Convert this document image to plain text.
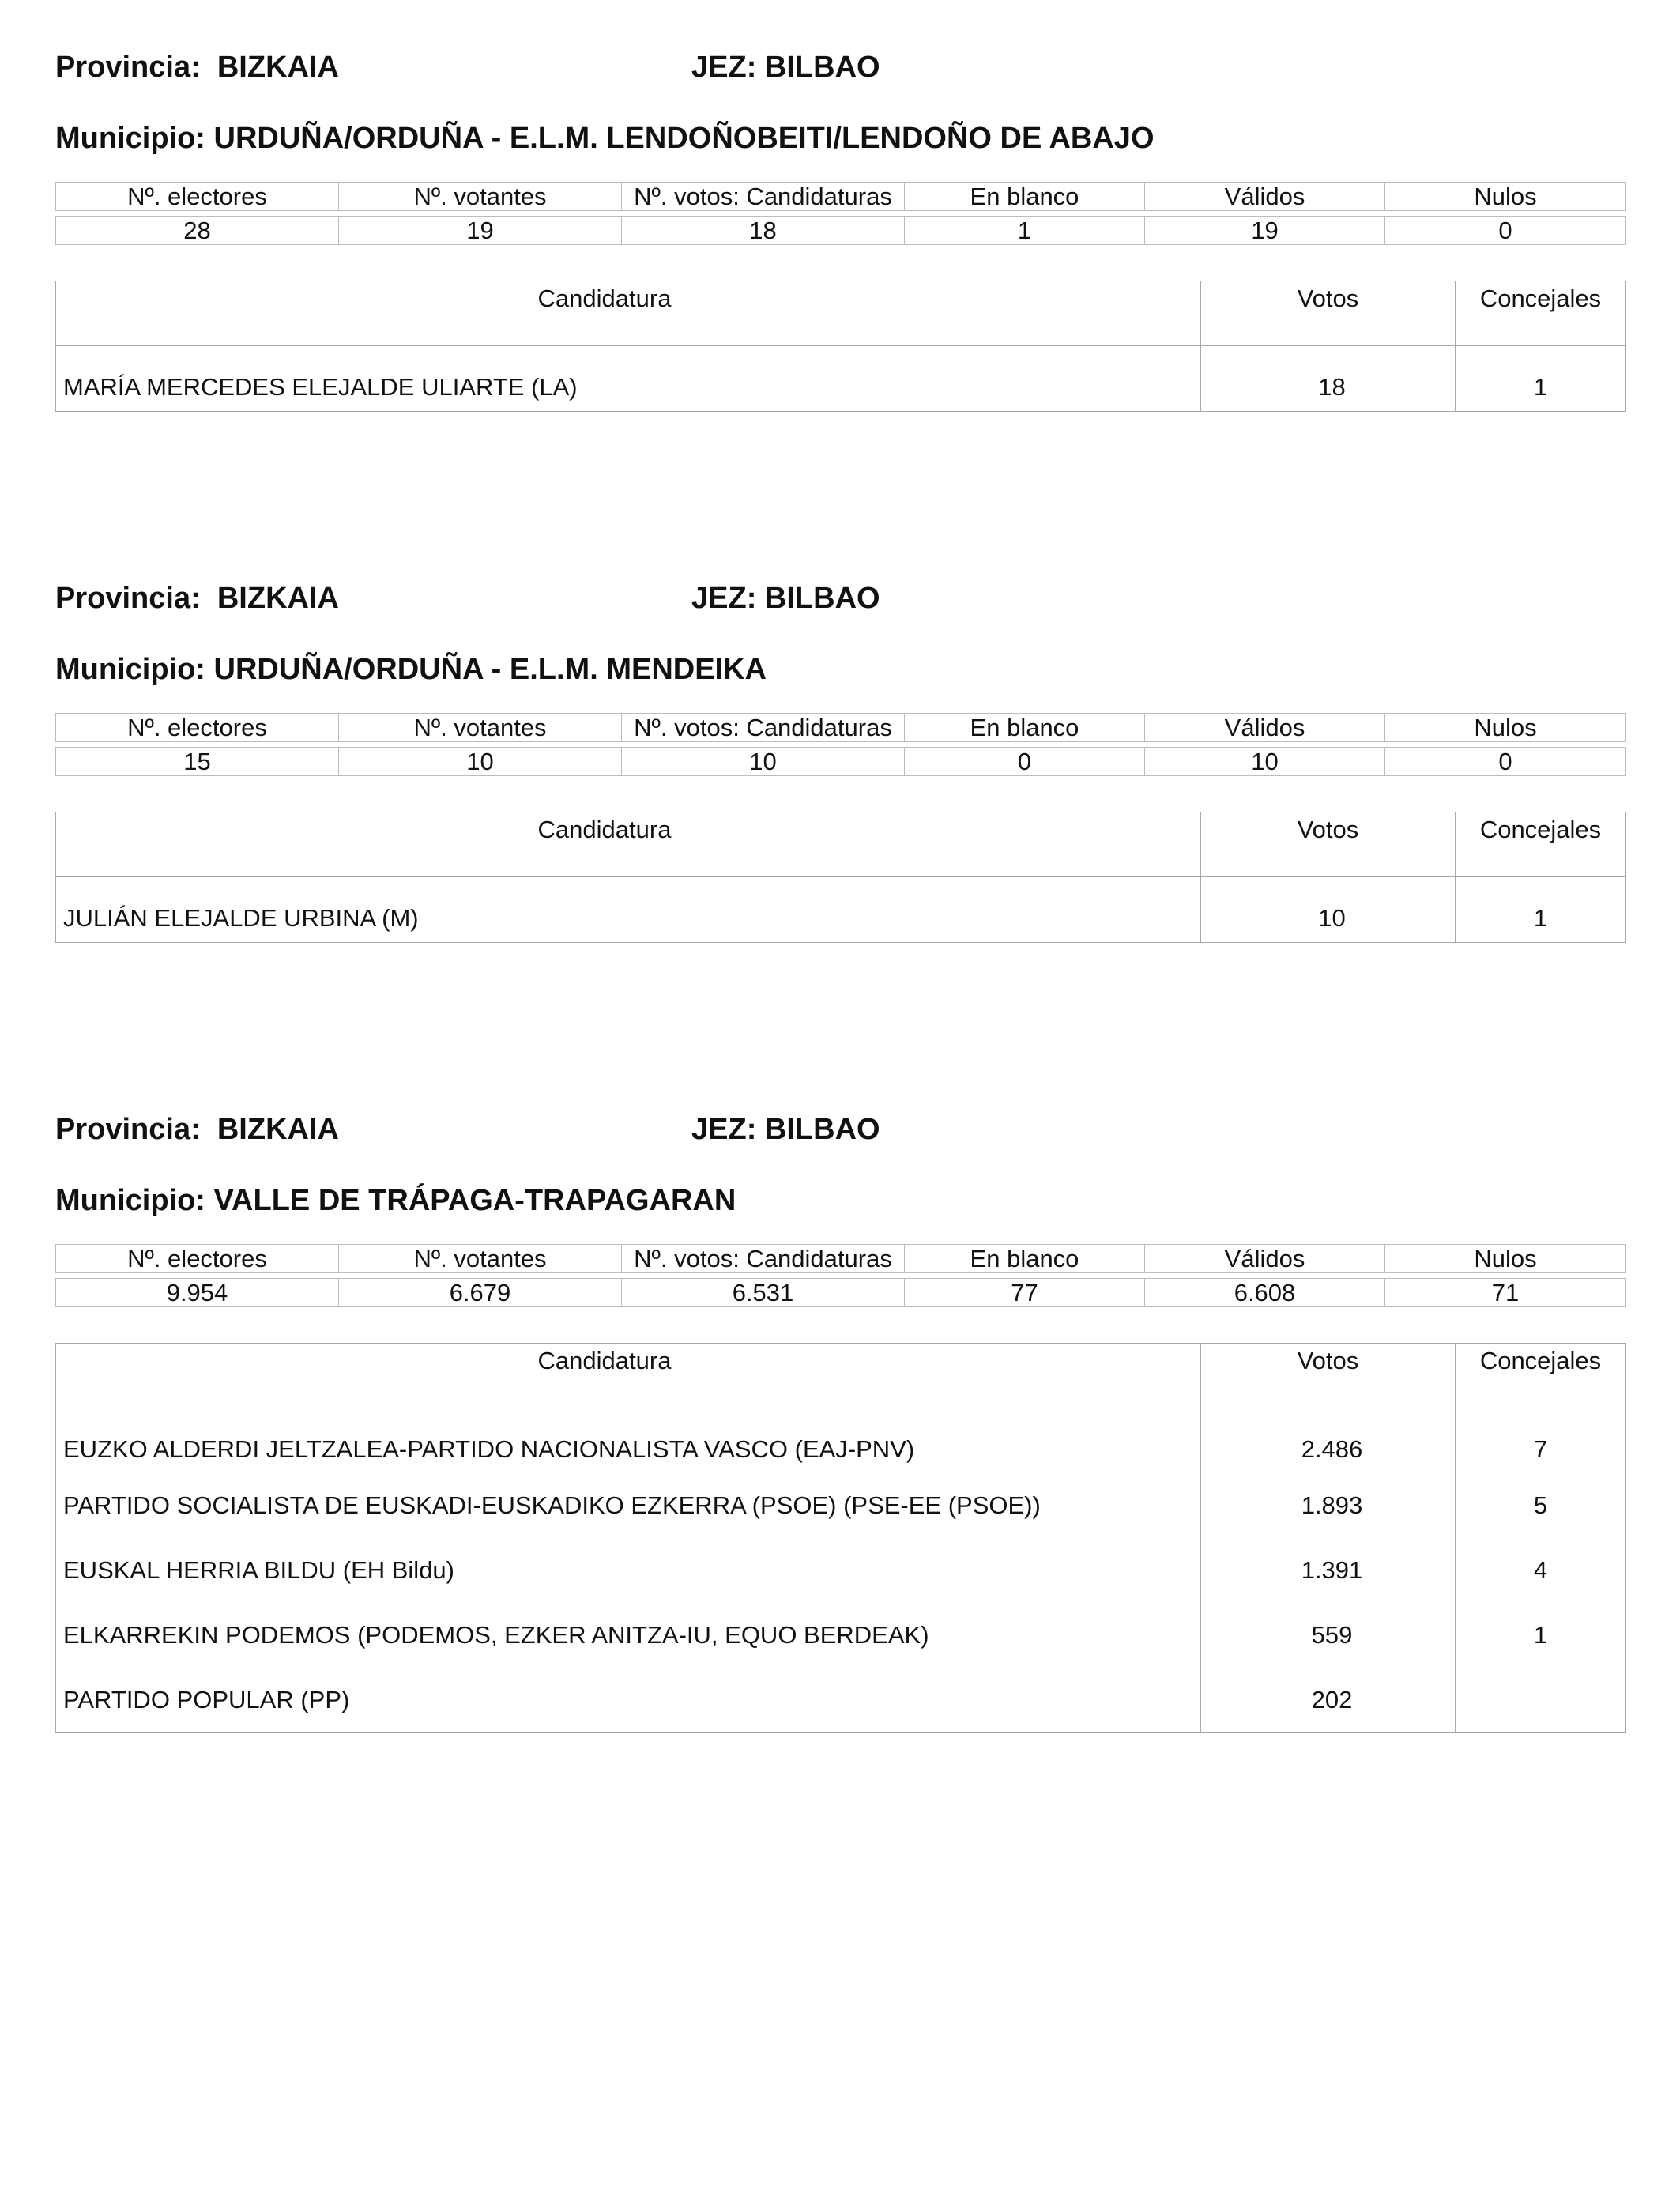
Provincia: BIZKAIA	JEZ: BILBAO
Municipio: URDUÑA/ORDUÑA - E.L.M. LENDOÑOBEITI/LENDOÑO DE ABAJO
Nº. electores	Nº. votantes	Nº. votos: Candidaturas	En blanco	Válidos	Nulos

28	19	18	1	19	0
Candidatura	Votos	Concejales
MARÍA MERCEDES ELEJALDE ULIARTE (LA)	18	1
Provincia: BIZKAIA	JEZ: BILBAO
Municipio: URDUÑA/ORDUÑA - E.L.M. MENDEIKA
Nº. electores	Nº. votantes	Nº. votos: Candidaturas	En blanco	Válidos	Nulos

15	10	10	0	10	0
Candidatura	Votos	Concejales
JULIÁN ELEJALDE URBINA (M)	10	1
Provincia: BIZKAIA	JEZ: BILBAO
Municipio: VALLE DE TRÁPAGA-TRAPAGARAN
Nº. electores	Nº. votantes	Nº. votos: Candidaturas	En blanco	Válidos	Nulos

9.954	6.679	6.531	77	6.608	71
Candidatura	Votos	Concejales
EUZKO ALDERDI JELTZALEA-PARTIDO NACIONALISTA VASCO (EAJ-PNV)	2.486	7
PARTIDO SOCIALISTA DE EUSKADI-EUSKADIKO EZKERRA (PSOE) (PSE-EE (PSOE))	1.893	5
EUSKAL HERRIA BILDU (EH Bildu)	1.391	4
ELKARREKIN PODEMOS (PODEMOS, EZKER ANITZA-IU, EQUO BERDEAK)	559	1
PARTIDO POPULAR (PP)	202	
